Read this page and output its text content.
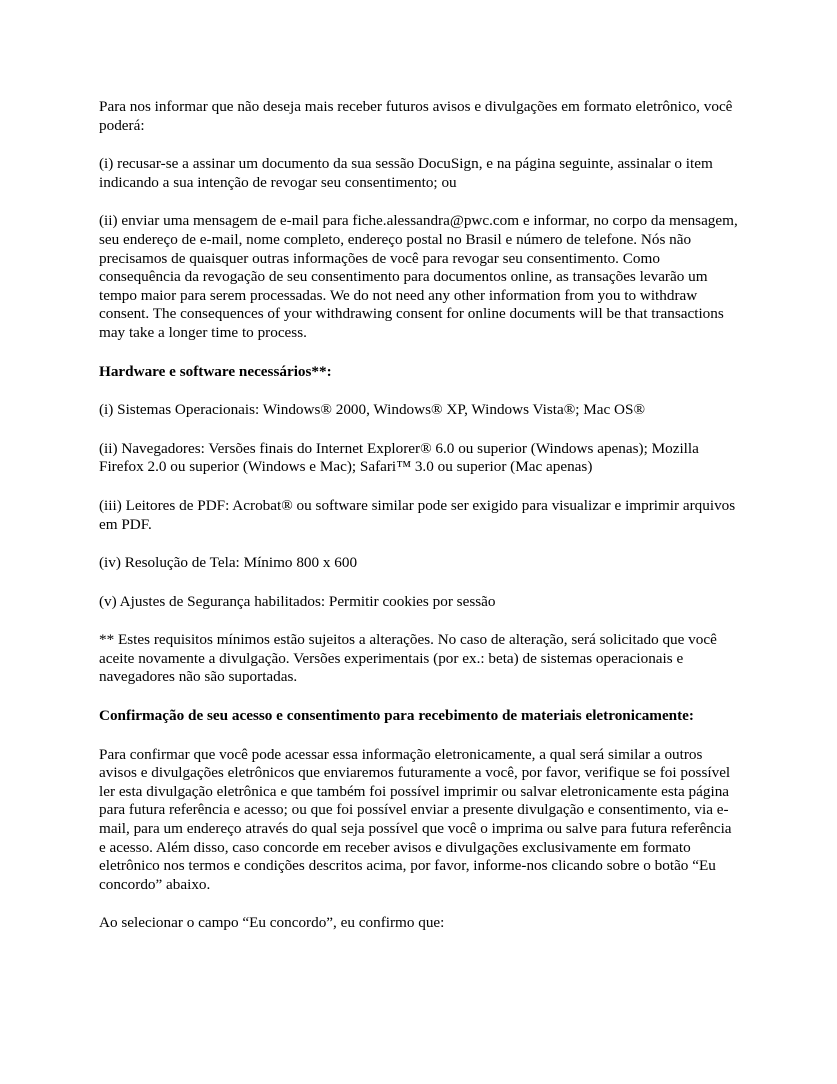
Para nos informar que não deseja mais receber futuros avisos e divulgações em formato eletrônico, você poderá:

(i) recusar-se a assinar um documento da sua sessão DocuSign, e na página seguinte, assinalar o item indicando a sua intenção de revogar seu consentimento; ou

(ii) enviar uma mensagem de e-mail para fiche.alessandra@pwc.com e informar, no corpo da mensagem, seu endereço de e-mail, nome completo, endereço postal no Brasil e número de telefone. Nós não precisamos de quaisquer outras informações de você para revogar seu consentimento. Como consequência da revogação de seu consentimento para documentos online, as transações levarão um tempo maior para serem processadas. We do not need any other information from you to withdraw consent. The consequences of your withdrawing consent for online documents will be that transactions may take a longer time to process.

Hardware e software necessários**:

(i) Sistemas Operacionais: Windows® 2000, Windows® XP, Windows Vista®; Mac OS®

(ii) Navegadores: Versões finais do Internet Explorer® 6.0 ou superior (Windows apenas); Mozilla Firefox 2.0 ou superior (Windows e Mac); Safari™ 3.0 ou superior (Mac apenas)

(iii) Leitores de PDF: Acrobat® ou software similar pode ser exigido para visualizar e imprimir arquivos em PDF.

(iv) Resolução de Tela: Mínimo 800 x 600

(v) Ajustes de Segurança habilitados: Permitir cookies por sessão

** Estes requisitos mínimos estão sujeitos a alterações. No caso de alteração, será solicitado que você aceite novamente a divulgação. Versões experimentais (por ex.: beta) de sistemas operacionais e navegadores não são suportadas.

Confirmação de seu acesso e consentimento para recebimento de materiais eletronicamente:

Para confirmar que você pode acessar essa informação eletronicamente, a qual será similar a outros avisos e divulgações eletrônicos que enviaremos futuramente a você, por favor, verifique se foi possível ler esta divulgação eletrônica e que também foi possível imprimir ou salvar eletronicamente esta página para futura referência e acesso; ou que foi possível enviar a presente divulgação e consentimento, via e-mail, para um endereço através do qual seja possível que você o imprima ou salve para futura referência e acesso. Além disso, caso concorde em receber avisos e divulgações exclusivamente em formato eletrônico nos termos e condições descritos acima, por favor, informe-nos clicando sobre o botão “Eu concordo” abaixo.

Ao selecionar o campo “Eu concordo”, eu confirmo que:
